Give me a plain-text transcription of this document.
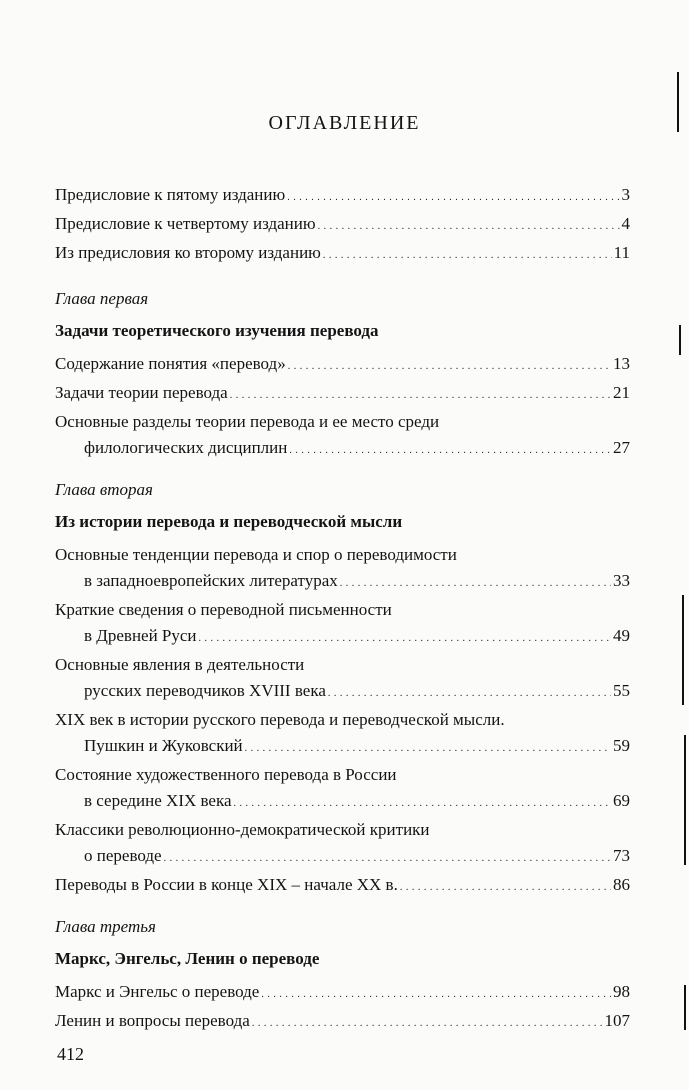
ОГЛАВЛЕНИЕ
Предисловие к пятому изданию . . .	3
Предисловие к четвертому изданию . . .	4
Из предисловия ко второму изданию . . .	11
Глава первая
Задачи теоретического изучения перевода
Содержание понятия «перевод» . . .	13
Задачи теории перевода . . .	21
Основные разделы теории перевода и ее место среди
филологических дисциплин . . .	27
Глава вторая
Из истории перевода и переводческой мысли
Основные тенденции перевода и спор о переводимости
в западноевропейских литературах . . .	33
Краткие сведения о переводной письменности
в Древней Руси . . .	49
Основные явления в деятельности
русских переводчиков XVIII века . . .	55
XIX век в истории русского перевода и переводческой мысли.
Пушкин и Жуковский . . .	59
Состояние художественного перевода в России
в середине XIX века . . .	69
Классики революционно-демократической критики
о переводе . . .	73
Переводы в России в конце XIX – начале XX в. . . .	86
Глава третья
Маркс, Энгельс, Ленин о переводе
Маркс и Энгельс о переводе . . .	98
Ленин и вопросы перевода . . .	107
412
